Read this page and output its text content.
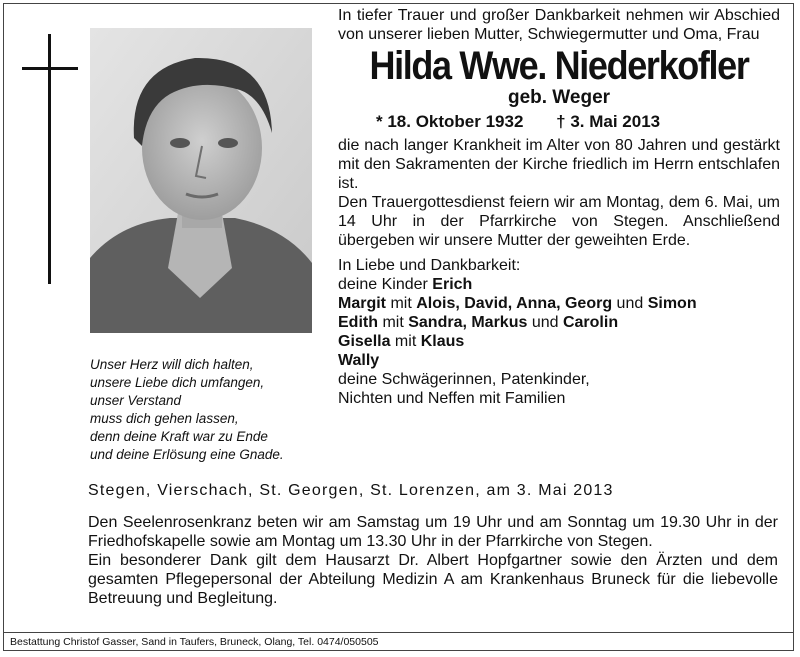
Unser Herz will dich halten,
unsere Liebe dich umfangen,
unser Verstand
muss dich gehen lassen,
denn deine Kraft war zu Ende
und deine Erlösung eine Gnade.

In tiefer Trauer und großer Dankbarkeit nehmen wir Abschied von unserer lieben Mutter, Schwiegermutter und Oma, Frau

Hilda Wwe. Niederkofler
geb. Weger
* 18. Oktober 1932 † 3. Mai 2013

die nach langer Krankheit im Alter von 80 Jahren und gestärkt mit den Sakramenten der Kirche friedlich im Herrn entschlafen ist.

Den Trauergottesdienst feiern wir am Montag, dem 6. Mai, um 14 Uhr in der Pfarrkirche von Stegen. Anschließend übergeben wir unsere Mutter der geweihten Erde.

In Liebe und Dankbarkeit:
deine Kinder Erich
Margit mit Alois, David, Anna, Georg und Simon
Edith mit Sandra, Markus und Carolin
Gisella mit Klaus
Wally
deine Schwägerinnen, Patenkinder,
Nichten und Neffen mit Familien
Stegen, Vierschach, St. Georgen, St. Lorenzen, am 3. Mai 2013

Den Seelenrosenkranz beten wir am Samstag um 19 Uhr und am Sonntag um 19.30 Uhr in der Friedhofskapelle sowie am Montag um 13.30 Uhr in der Pfarrkirche von Stegen.

Ein besonderer Dank gilt dem Hausarzt Dr. Albert Hopfgartner sowie den Ärzten und dem gesamten Pflegepersonal der Abteilung Medizin A am Krankenhaus Bruneck für die liebevolle Betreuung und Begleitung.

Bestattung Christof Gasser, Sand in Taufers, Bruneck, Olang, Tel. 0474/050505
